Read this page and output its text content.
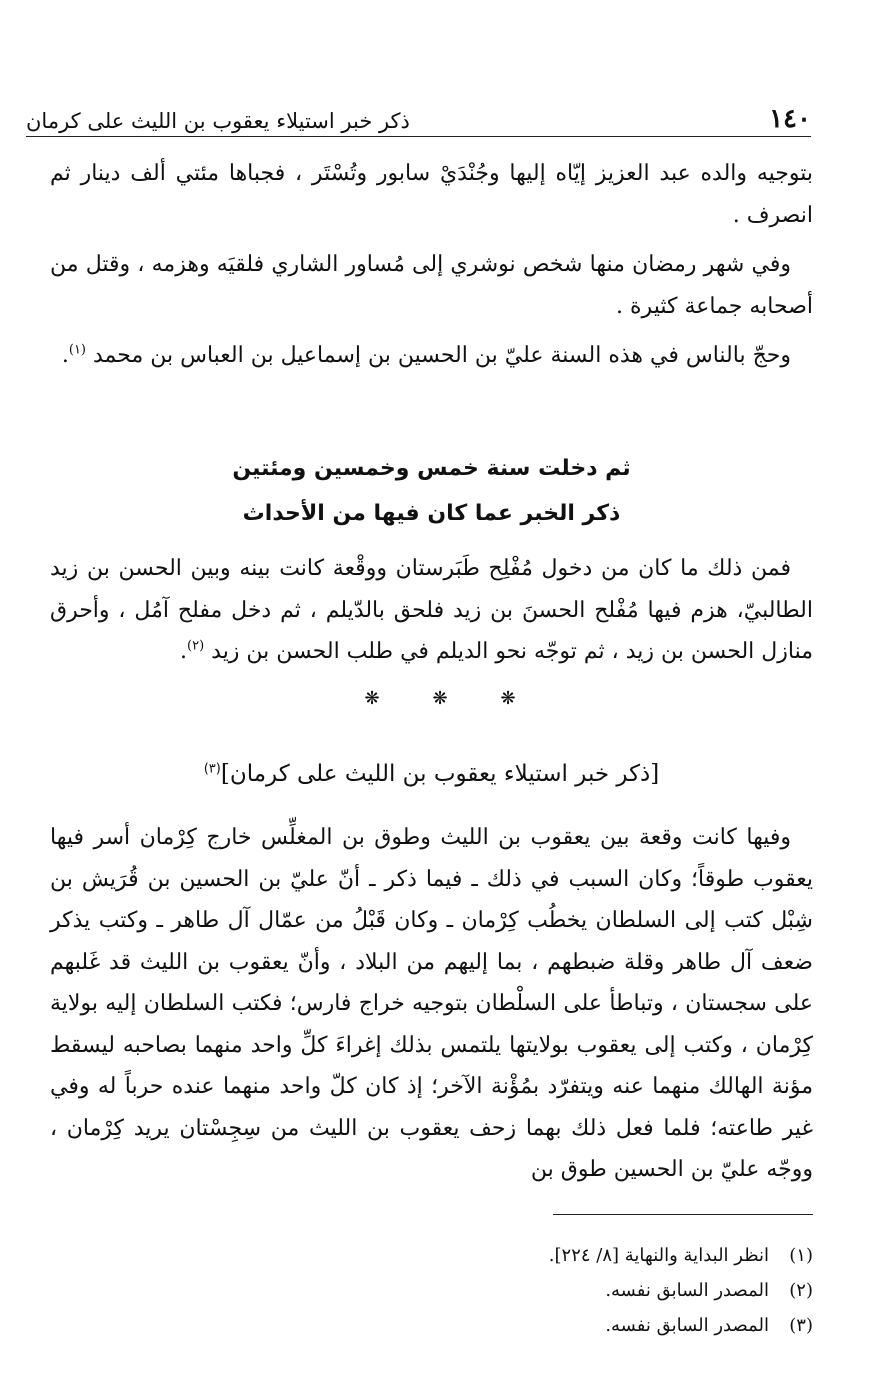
١٤٠
ذكر خبر استيلاء يعقوب بن الليث على كرمان

بتوجيه والده عبد العزيز إيّاه إليها وجُنْدَيْ سابور وتُسْتَر ، فجباها مئتي ألف دينار ثم انصرف .

وفي شهر رمضان منها شخص نوشري إلى مُساور الشاري فلقيَه وهزمه ، وقتل من أصحابه جماعة كثيرة .

وحجّ بالناس في هذه السنة عليّ بن الحسين بن إسماعيل بن العباس بن محمد $^{(١)}$.

ثم دخلت سنة خمس وخمسين ومئتين
ذكر الخبر عما كان فيها من الأحداث

فمن ذلك ما كان من دخول مُفْلِح طَبَرستان ووقْعة كانت بينه وبين الحسن بن زيد الطالبيّ، هزم فيها مُفْلح الحسنَ بن زيد فلحق بالدّيلم ، ثم دخل مفلح آمُل ، وأحرق منازل الحسن بن زيد ، ثم توجّه نحو الديلم في طلب الحسن بن زيد $^{(٢)}$.

❋	❋	❋
[ذكر خبر استيلاء يعقوب بن الليث على كرمان]$^{(٣)}$

وفيها كانت وقعة بين يعقوب بن الليث وطوق بن المغلِّس خارج كِرْمان أسر فيها يعقوب طوقاً؛ وكان السبب في ذلك ـ فيما ذكر ـ أنّ عليّ بن الحسين بن قُرَيش بن شِبْل كتب إلى السلطان يخطُب كِرْمان ـ وكان قَبْلُ من عمّال آل طاهر ـ وكتب يذكر ضعف آل طاهر وقلة ضبطهم ، بما إليهم من البلاد ، وأنّ يعقوب بن الليث قد غَلبهم على سجستان ، وتباطأ على السلْطان بتوجيه خراج فارس؛ فكتب السلطان إليه بولاية كِرْمان ، وكتب إلى يعقوب بولايتها يلتمس بذلك إغراءَ كلِّ واحد منهما بصاحبه ليسقط مؤنة الهالك منهما عنه ويتفرّد بمُؤْنة الآخر؛ إذ كان كلّ واحد منهما عنده حرباً له وفي غير طاعته؛ فلما فعل ذلك بهما زحف يعقوب بن الليث من سِجِسْتان يريد كِرْمان ، ووجّه عليّ بن الحسين طوق بن

(١)
انظر البداية والنهاية [٨/ ٢٢٤].
(٢)
المصدر السابق نفسه.
(٣)
المصدر السابق نفسه.
